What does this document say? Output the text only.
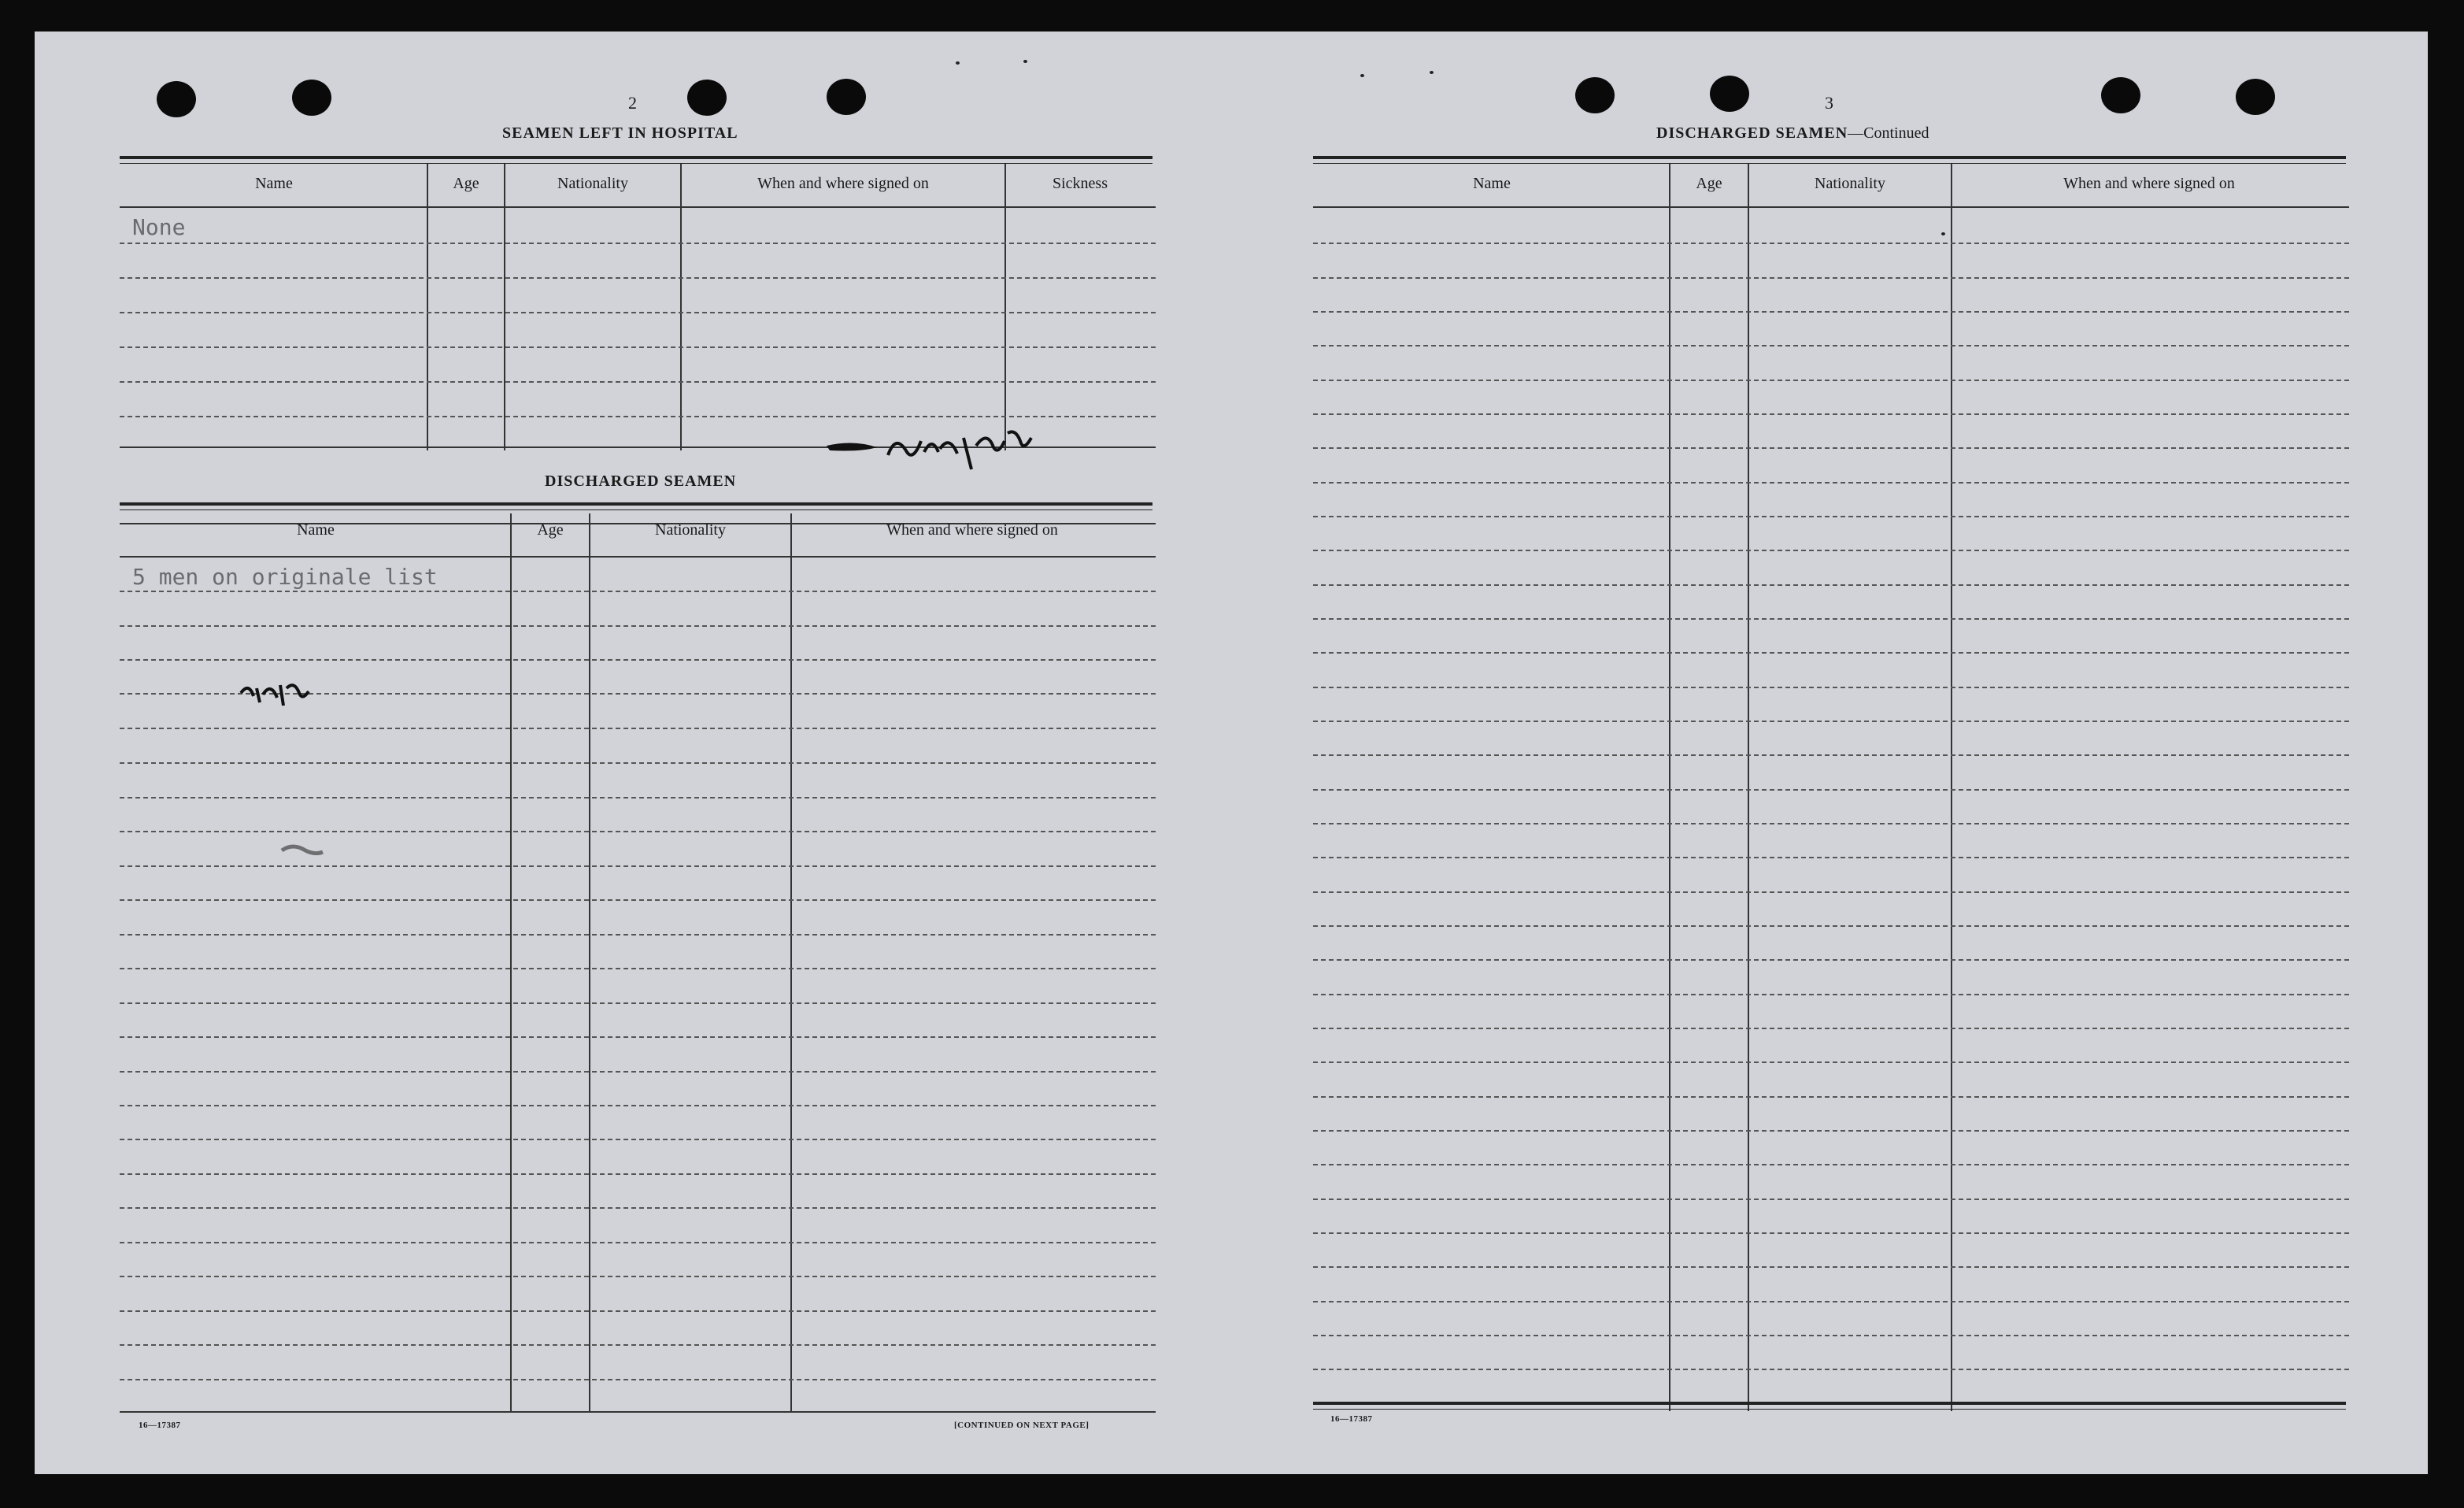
2
SEAMEN LEFT IN HOSPITAL
Name	Age	Nationality	When and where signed on	Sickness
None
DISCHARGED SEAMEN
Name	Age	Nationality	When and where signed on
5 men on originale list
16—17387	[CONTINUED ON NEXT PAGE]
3
DISCHARGED SEAMEN—Continued
Name	Age	Nationality	When and where signed on
16—17387
